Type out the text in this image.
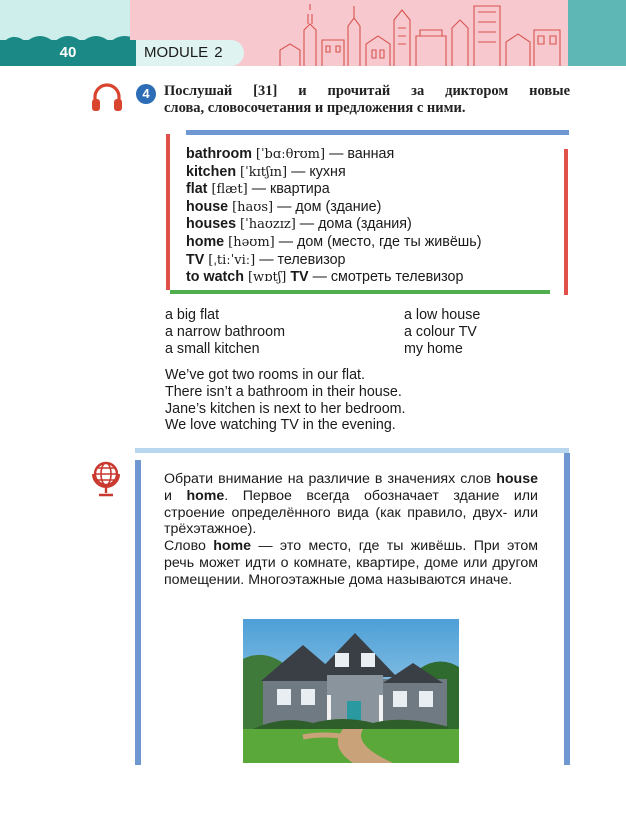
40	MODULE 2
4 Послушай [31] и прочитай за диктором новые
слова, словосочетания и предложения с ними.
bathroom [ˈbɑːθrʊm] — ванная
kitchen [ˈkɪtʃɪn] — кухня
flat [flæt] — квартира
house [haʊs] — дом (здание)
houses [ˈhaʊzɪz] — дома (здания)
home [həʊm] — дом (место, где ты живёшь)
TV [ˌtiːˈviː] — телевизор
to watch [wɒtʃ] TV — смотреть телевизор
a big flat
a narrow bathroom
a small kitchen
a low house
a colour TV
my home
We’ve got two rooms in our flat.
There isn’t a bathroom in their house.
Jane’s kitchen is next to her bedroom.
We love watching TV in the evening.
Обрати внимание на различие в значениях слов house и home. Первое всегда обозначает здание или строение определённого вида (как правило, двух- или трёхэтажное).
Слово home — это место, где ты живёшь. При этом речь может идти о комнате, квартире, доме или другом помещении. Многоэтажные дома называются иначе.
